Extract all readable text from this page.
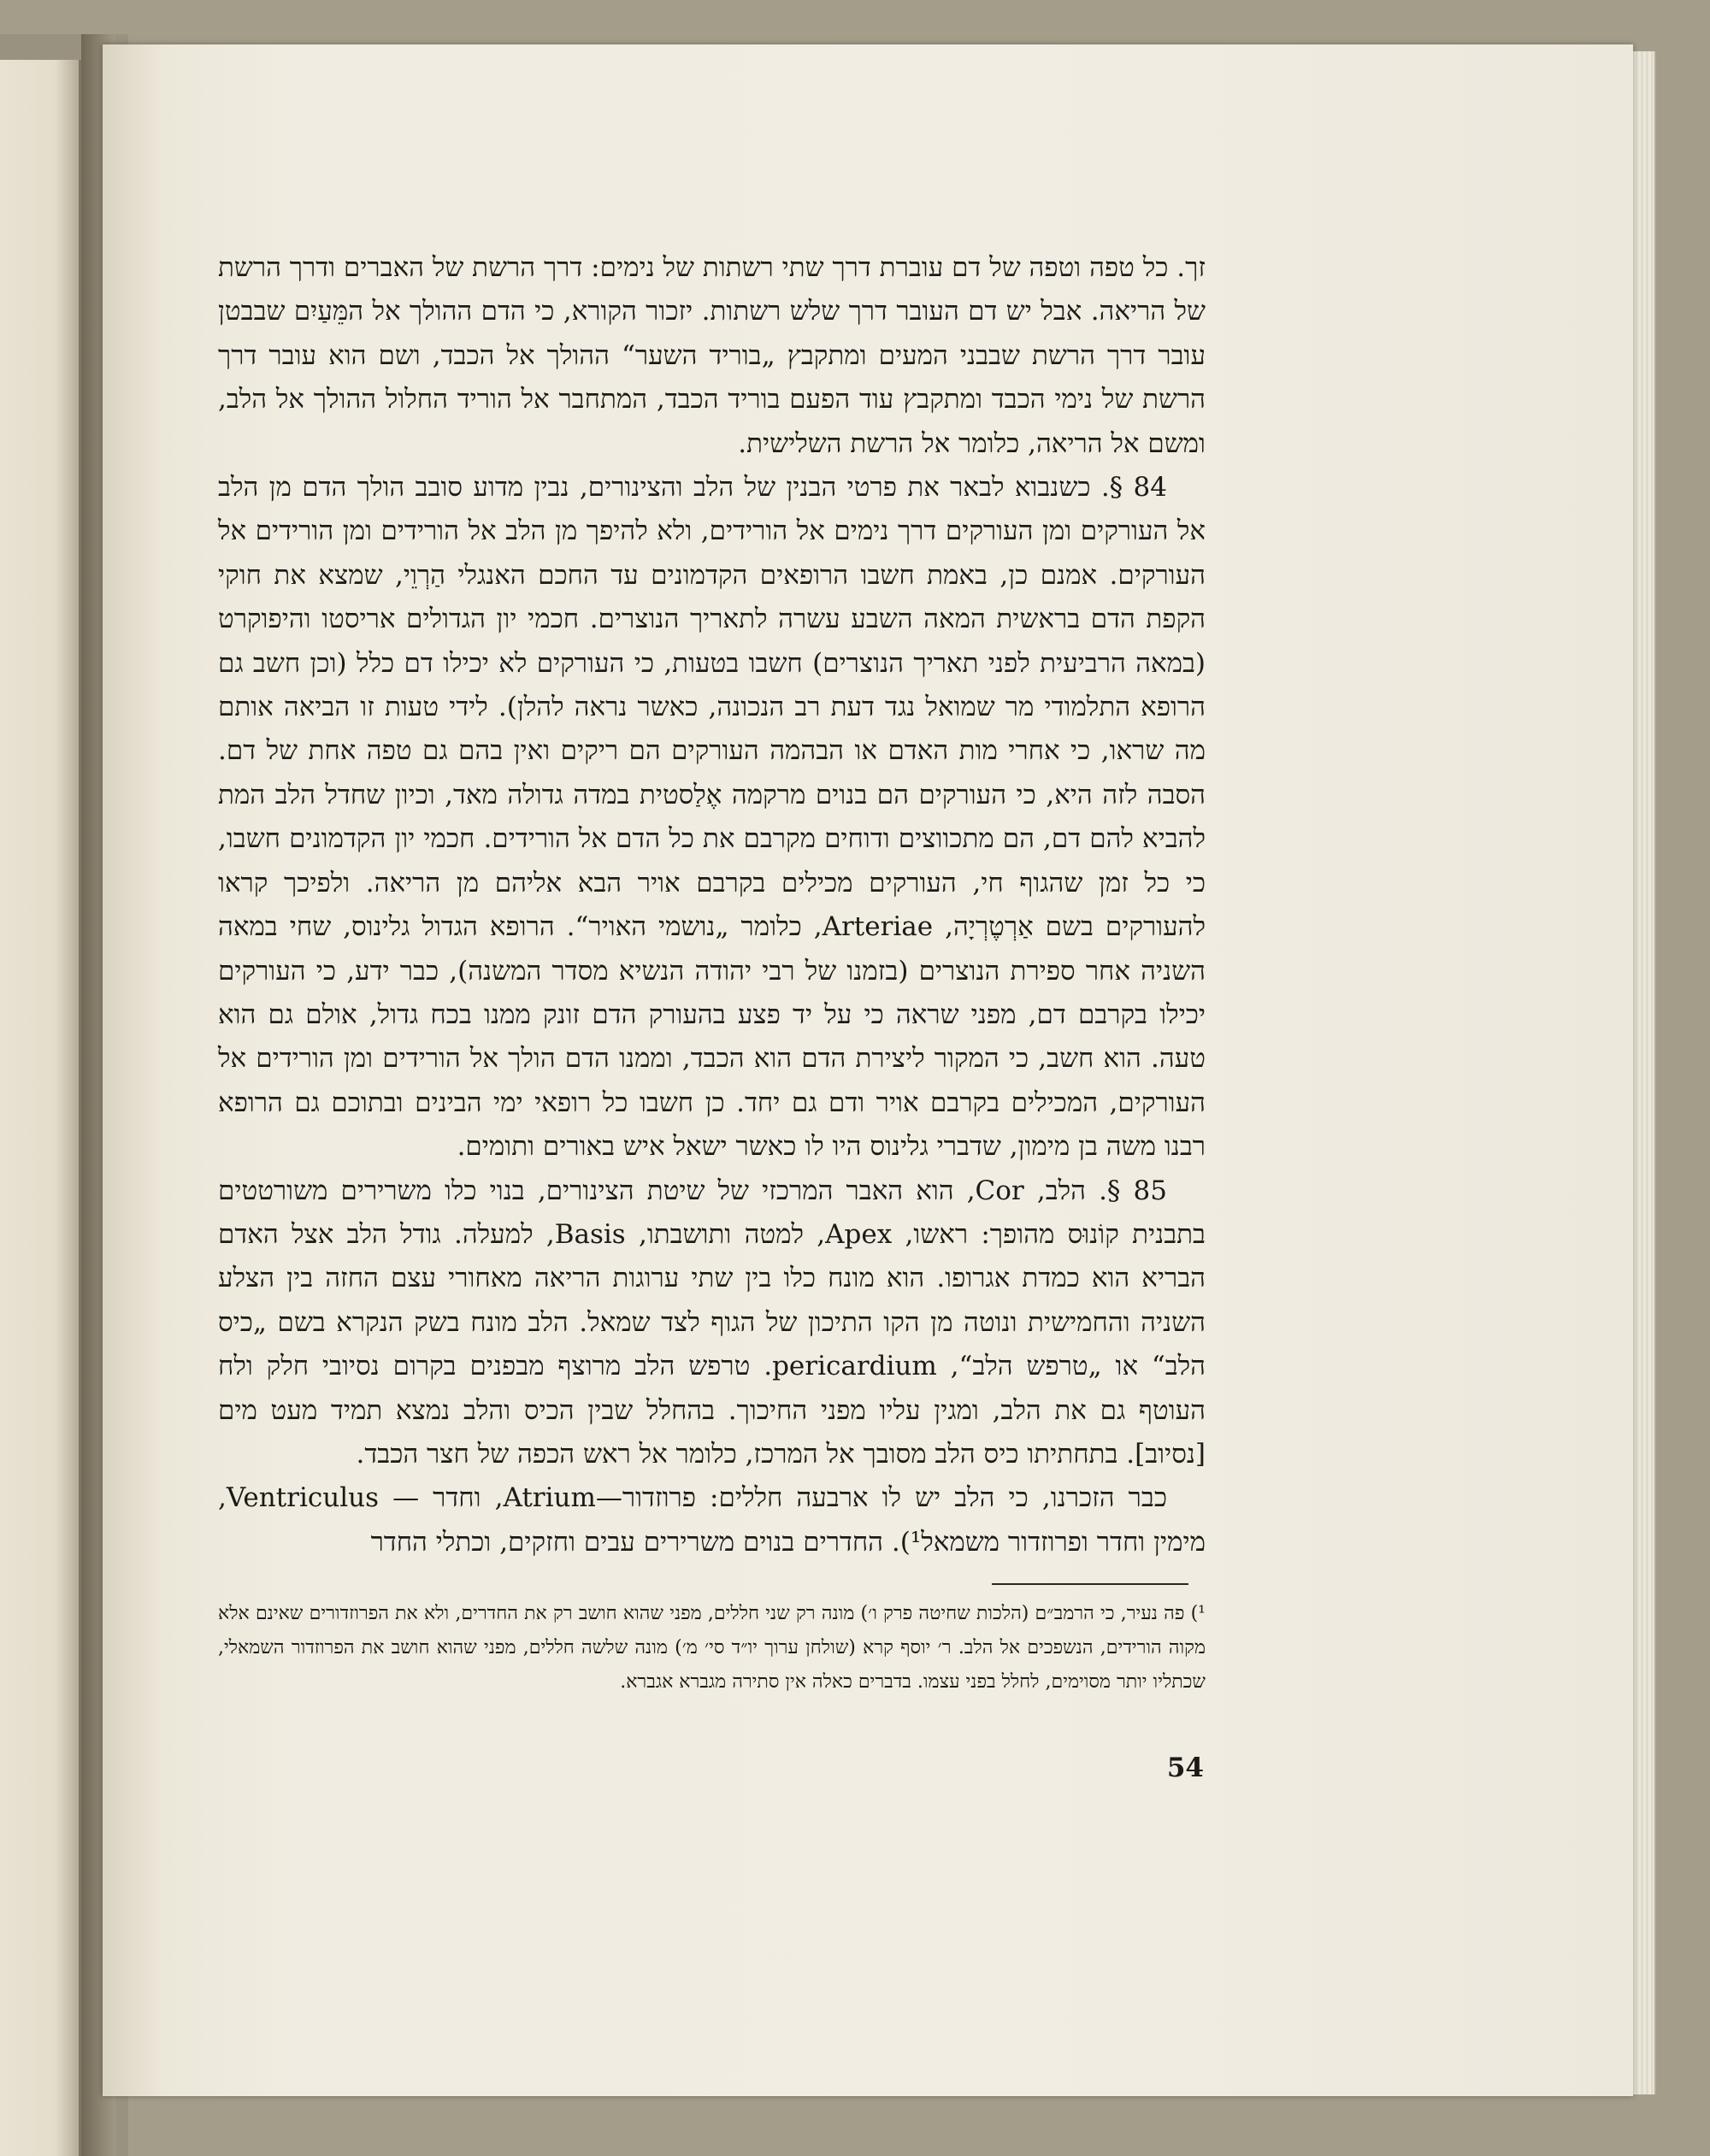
זך. כל טפה וטפה של דם עוברת דרך שתי רשתות של נימים: דרך הרשת של האברים ודרך הרשת של הריאה. אבל יש דם העובר דרך שלש רשתות. יזכור הקורא, כי הדם ההולך אל המֵּעַיִם שבבטן עובר דרך הרשת שבבני המעים ומתקבץ „בוריד השער“ ההולך אל הכבד, ושם הוא עובר דרך הרשת של נימי הכבד ומתקבץ עוד הפעם בוריד הכבד, המתחבר אל הוריד החלול ההולך אל הלב, ומשם אל הריאה, כלומר אל הרשת השלישית.

84 §. כשנבוא לבאר את פרטי הבנין של הלב והצינורים, נבין מדוע סובב הולך הדם מן הלב אל העורקים ומן העורקים דרך נימים אל הורידים, ולא להיפך מן הלב אל הורידים ומן הורידים אל העורקים. אמנם כן, באמת חשבו הרופאים הקדמונים עד החכם האנגלי הַרְוֵי, שמצא את חוקי הקפת הדם בראשית המאה השבע עשרה לתאריך הנוצרים. חכמי יון הגדולים אריסטו והיפוקרט (במאה הרביעית לפני תאריך הנוצרים) חשבו בטעות, כי העורקים לא יכילו דם כלל (וכן חשב גם הרופא התלמודי מר שמואל נגד דעת רב הנכונה, כאשר נראה להלן). לידי טעות זו הביאה אותם מה שראו, כי אחרי מות האדם או הבהמה העורקים הם ריקים ואין בהם גם טפה אחת של דם. הסבה לזה היא, כי העורקים הם בנוים מרקמה אֶלַסטית במדה גדולה מאד, וכיון שחדל הלב המת להביא להם דם, הם מתכווצים ודוחים מקרבם את כל הדם אל הורידים. חכמי יון הקדמונים חשבו, כי כל זמן שהגוף חי, העורקים מכילים בקרבם אויר הבא אליהם מן הריאה. ולפיכך קראו להעורקים בשם אַרְטֶרְיָה, Arteriae, כלומר „נושמי האויר“. הרופא הגדול גלינוס, שחי במאה השניה אחר ספירת הנוצרים (בזמנו של רבי יהודה הנשיא מסדר המשנה), כבר ידע, כי העורקים יכילו בקרבם דם, מפני שראה כי על יד פצע בהעורק הדם זונק ממנו בכח גדול, אולם גם הוא טעה. הוא חשב, כי המקור ליצירת הדם הוא הכבד, וממנו הדם הולך אל הורידים ומן הורידים אל העורקים, המכילים בקרבם אויר ודם גם יחד. כן חשבו כל רופאי ימי הבינים ובתוכם גם הרופא רבנו משה בן מימון, שדברי גלינוס היו לו כאשר ישאל איש באורים ותומים.

85 §. הלב, Cor, הוא האבר המרכזי של שיטת הצינורים, בנוי כלו משרירים משורטטים בתבנית קוֹנוּס מהופך: ראשו, Apex, למטה ותושבתו, Basis, למעלה. גודל הלב אצל האדם הבריא הוא כמדת אגרופו. הוא מונח כלו בין שתי ערוגות הריאה מאחורי עצם החזה בין הצלע השניה והחמישית ונוטה מן הקו התיכון של הגוף לצד שמאל. הלב מונח בשק הנקרא בשם „כיס הלב“ או „טרפש הלב“, pericardium. טרפש הלב מרוצף מבפנים בקרום נסיובי חלק ולח העוטף גם את הלב, ומגין עליו מפני החיכוך. בהחלל שבין הכיס והלב נמצא תמיד מעט מים [נסיוב]. בתחתיתו כיס הלב מסובך אל המרכז, כלומר אל ראש הכפה של חצר הכבד.

כבר הזכרנו, כי הלב יש לו ארבעה חללים: פרוזדור—Atrium, וחדר — Ventriculus, מימין וחדר ופרוזדור משמאל¹). החדרים בנוים משרירים עבים וחזקים, וכתלי החדר

¹) פה נעיר, כי הרמב״ם (הלכות שחיטה פרק ו׳) מונה רק שני חללים, מפני שהוא חושב רק את החדרים, ולא את הפרוזדורים שאינם אלא מקוה הורידים, הנשפכים אל הלב. ר׳ יוסף קרא (שולחן ערוך יו״ד סי׳ מ׳) מונה שלשה חללים, מפני שהוא חושב את הפרוזדור השמאלי, שכתליו יותר מסוימים, לחלל בפני עצמו. בדברים כאלה אין סתירה מגברא אגברא.
54
